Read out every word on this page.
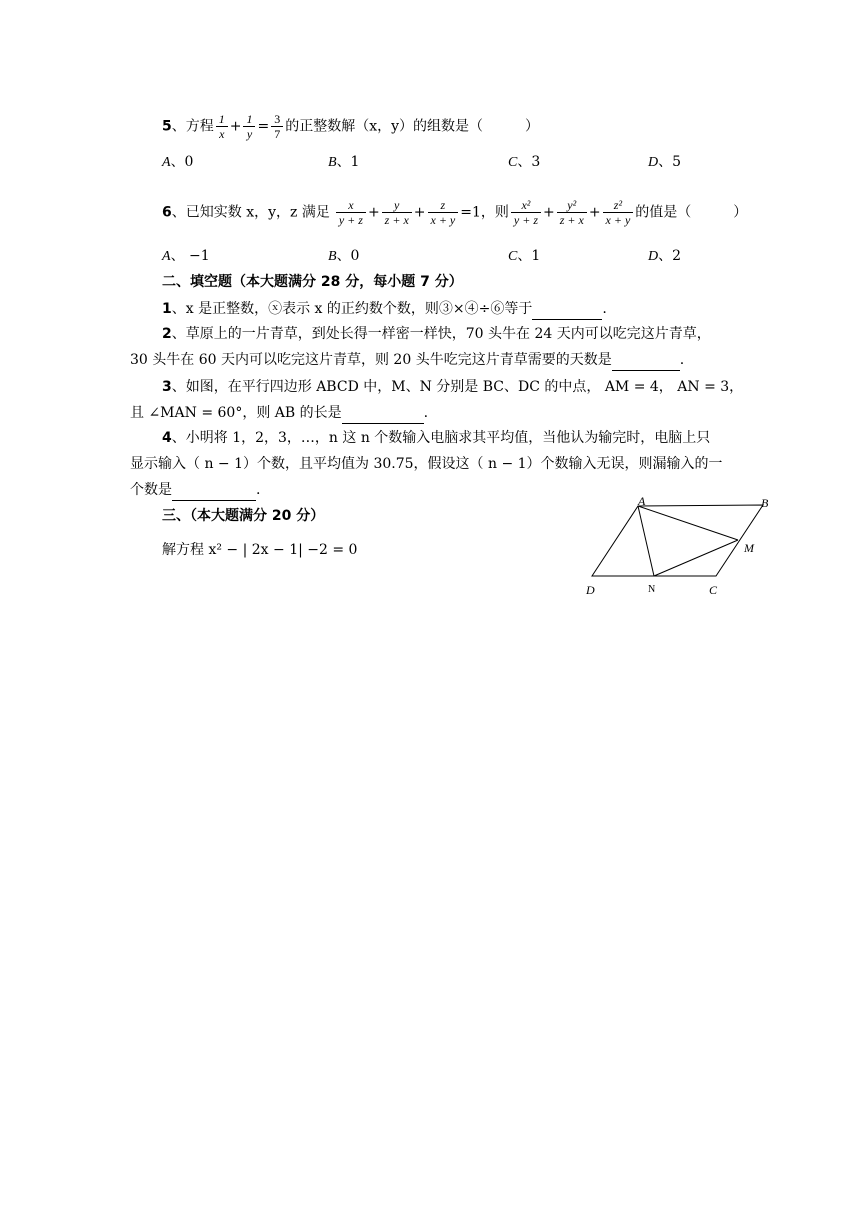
5、方程 $\frac{1}{x} + \frac{1}{y} = \frac{3}{7}$ 的正整数解（x，y）的组数是（　　　）
A、0	B、1	C、3	D、5
6、已知实数 x，y，z 满足 $\frac{x}{y + z} + \frac{y}{z + x} + \frac{z}{x + y} =1$，则 $\frac{\text{x²}}{y + z} + \frac{\text{y²}}{z + x} + \frac{\text{z²}}{x + y}$ 的值是（　　　）
A、 −1	B、0	C、1	D、2
二、填空题（本大题满分 28 分，每小题 7 分）
1、x 是正整数，ⓧ表示 x 的正约数个数，则③×④÷⑥等于	.
2、草原上的一片青草，到处长得一样密一样快，70 头牛在 24 天内可以吃完这片青草，
30 头牛在 60 天内可以吃完这片青草，则 20 头牛吃完这片青草需要的天数是	.
3、如图，在平行四边形 ABCD 中，M、N 分别是 BC、DC 的中点， AM = 4， AN = 3，
且 ∠MAN = 60°，则 AB 的长是	.
4、小明将 1，2，3，…，n 这 n 个数输入电脑求其平均值，当他认为输完时，电脑上只
显示输入（ n − 1）个数，且平均值为 30.75，假设这（ n − 1）个数输入无误，则漏输入的一
个数是	.
三、（本大题满分 20 分）
解方程 x² − | 2x − 1| −2 = 0
A	B
M
D	N	C
